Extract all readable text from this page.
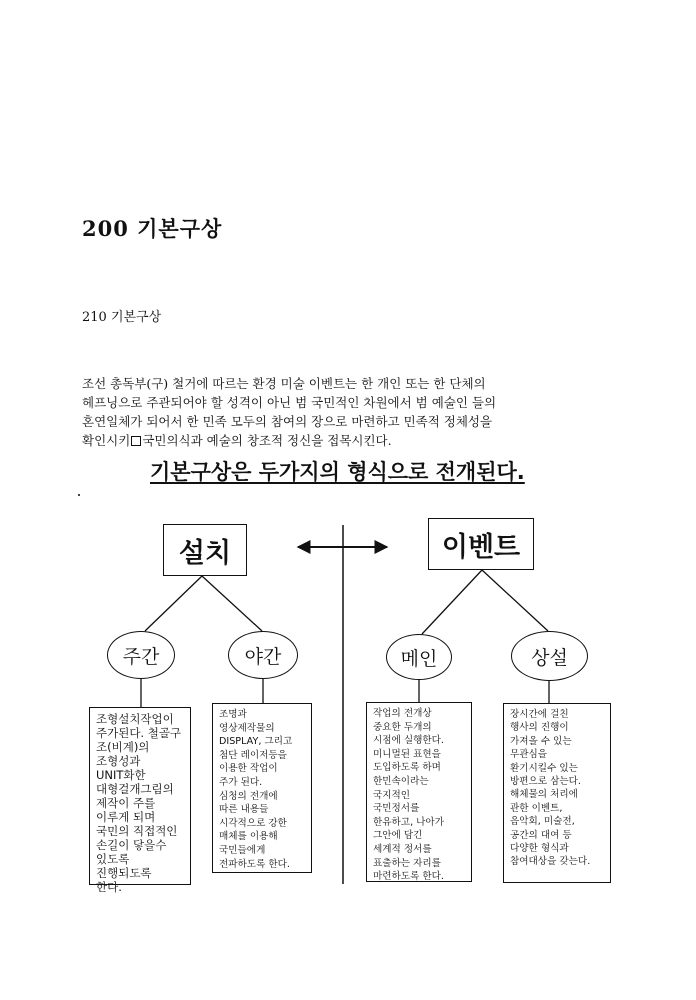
200 기본구상
210 기본구상

조선 총독부(구) 철거에 따르는 환경 미술 이벤트는 한 개인 또는 한 단체의

헤프닝으로 주관되어야 할 성격이 아닌 범 국민적인 차원에서 범 예술인 들의

혼연일체가 되어서 한 민족 모두의 참여의 장으로 마련하고 민족적 정체성을

확인시키 국민의식과 예술의 창조적 정신을 접목시킨다.

기본구상은 두가지의 형식으로 전개된다.
설치	이벤트
주간	야간	메인	상설
조형설치작업이
주가된다. 철골구
조(비계)의
조형성과
UNIT화한
대형걸개그림의
제작이 주를
이루게 되며
국민의 직접적인
손길이 닿을수
있도록
진행되도록
한다.
조명과
영상제작물의
DISPLAY, 그리고
첨단 레이저등을
이용한 작업이
주가 된다.
심청의 전개에
따른 내용들
시각적으로 강한
매체를 이용해
국민들에게
전파하도록 한다.
작업의 전개상
중요한 두개의
시점에 실행한다.
미니멀된 표현을
도입하도록 하며
한민속이라는
국지적인
국민정서를
한유하고, 나아가
그안에 담긴
세계적 정서를
표출하는 자리를
마련하도록 한다.
장시간에 걸친
행사의 진행이
가져올 수 있는
무관심을
환기시킬수 있는
방편으로 삼는다.
해체물의 처리에
관한 이벤트,
음악회, 미술전,
공간의 대여 등
다양한 형식과
참여대상을 갖는다.
